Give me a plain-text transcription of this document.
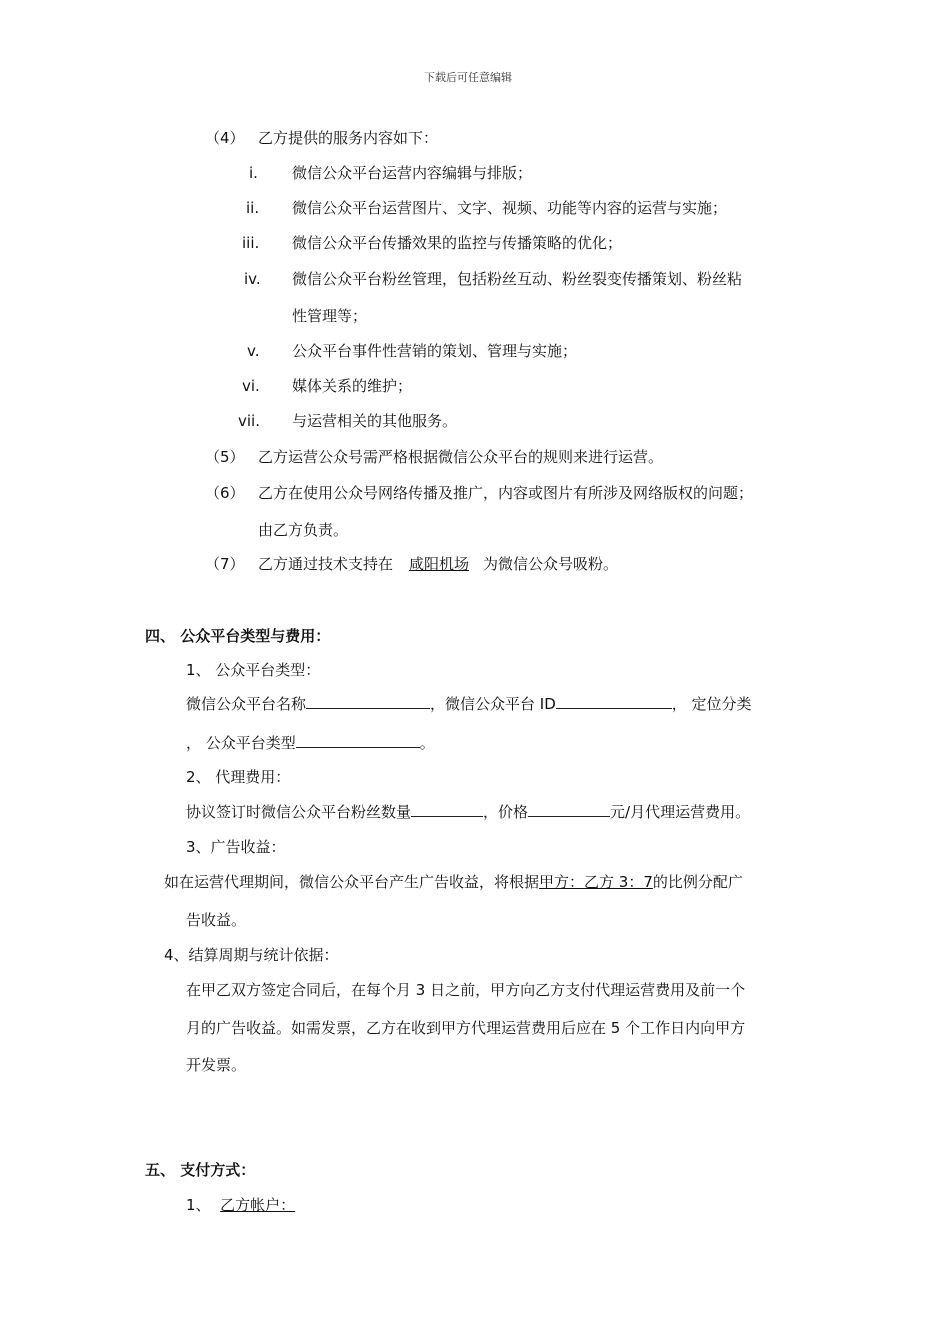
下载后可任意编辑
（4） 乙方提供的服务内容如下：
i. 微信公众平台运营内容编辑与排版；
ii. 微信公众平台运营图片、文字、视频、功能等内容的运营与实施；
iii. 微信公众平台传播效果的监控与传播策略的优化；
iv. 微信公众平台粉丝管理，包括粉丝互动、粉丝裂变传播策划、粉丝粘
性管理等；
v. 公众平台事件性营销的策划、管理与实施；
vi. 媒体关系的维护；
vii. 与运营相关的其他服务。
（5） 乙方运营公众号需严格根据微信公众平台的规则来进行运营。
（6） 乙方在使用公众号网络传播及推广，内容或图片有所涉及网络版权的问题；
由乙方负责。
（7） 乙方通过技术支持在 咸阳机场 为微信公众号吸粉。
四、 公众平台类型与费用：
1、 公众平台类型：
微信公众平台名称	，微信公众平台 ID	， 定位分类
， 公众平台类型	。
2、 代理费用：
协议签订时微信公众平台粉丝数量	，价格	元/月代理运营费用。
3、广告收益：
如在运营代理期间，微信公众平台产生广告收益，将根据甲方：乙方 3：7的比例分配广
告收益。
4、结算周期与统计依据：
在甲乙双方签定合同后，在每个月 3 日之前，甲方向乙方支付代理运营费用及前一个
月的广告收益。如需发票，乙方在收到甲方代理运营费用后应在 5 个工作日内向甲方
开发票。
五、 支付方式：
1、 乙方帐户：
